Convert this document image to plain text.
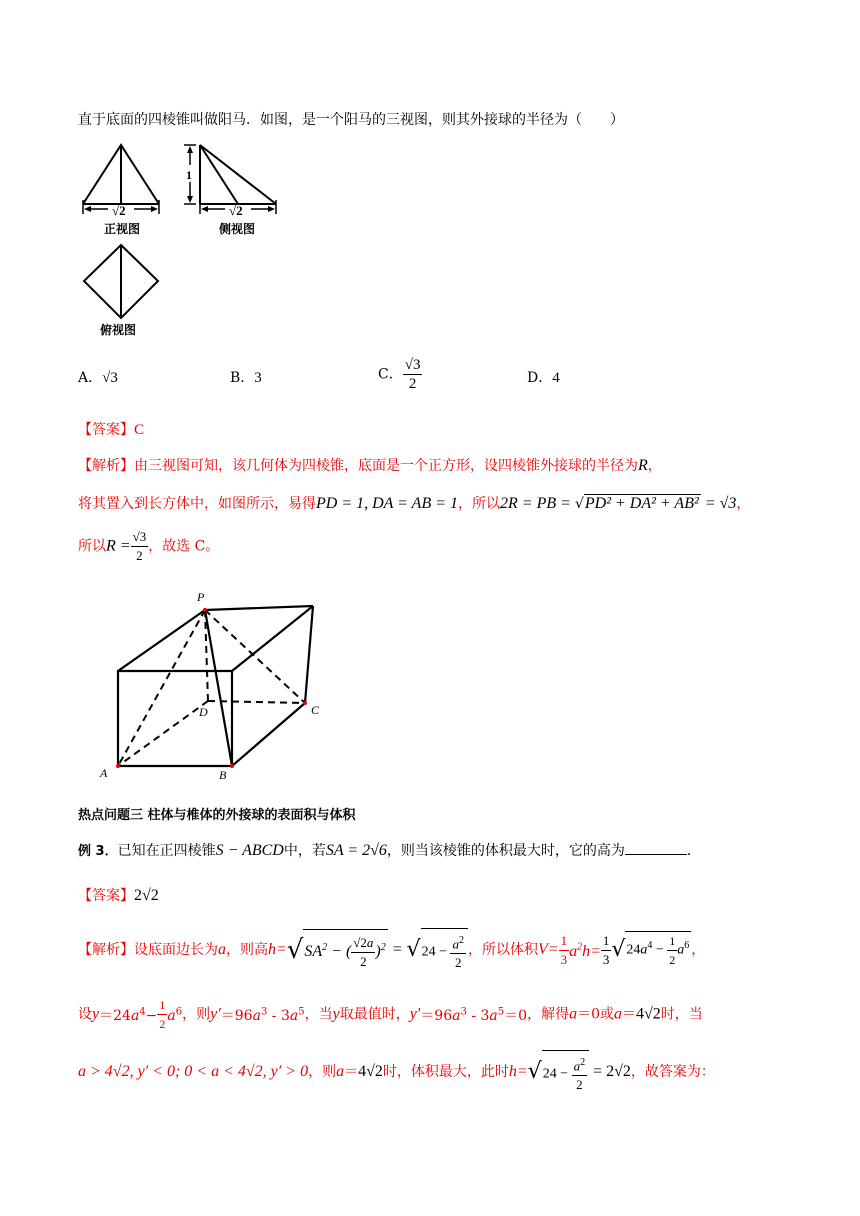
直于底面的四棱锥叫做阳马．如图，是一个阳马的三视图，则其外接球的半径为（　　）
√2
正视图
1
√2
侧视图
俯视图
A．√3	B．3	C． $\frac{√3}{2}$	D．4
【答案】C
【解析】由三视图可知，该几何体为四棱锥，底面是一个正方形，设四棱锥外接球的半径为R，
将其置入到长方体中，如图所示，易得PD = 1, DA = AB = 1，所以2R = PB = √PD² + DA² + AB² = √3，
所以$R = \frac{√3}{2}$ ，故选 C。
P
D	C
A	B
热点问题三 柱体与椎体的外接球的表面积与体积
例 3．已知在正四棱锥S − ABCD中，若SA = 2√6，则当该棱锥的体积最大时，它的高为	．
【答案】2√2
【解析】设底面边长为a，则高$h=√SA^2$ − ( $\frac{√2a}{2} )^2 = √24 - \frac{a^2}{2}$ ，所以体积$V= \frac{1}{3} a^2h= \frac{1}{3} √24a^4 - \frac{1}{2} a^6$ ，
设$y=24a^4- \frac{1}{2} a^6$，则$y'=96a^3 - 3a^5$，当y取最值时，$y'=96a^3 - 3a^5=0$，解得a＝0或a＝4√2时，当
a > 4√2, y′ < 0; 0 < a < 4√2, y′ > 0，则a＝4√2时，体积最大，此时$h=√24 - \frac{a^2}{2} = 2√2$，故答案为：
